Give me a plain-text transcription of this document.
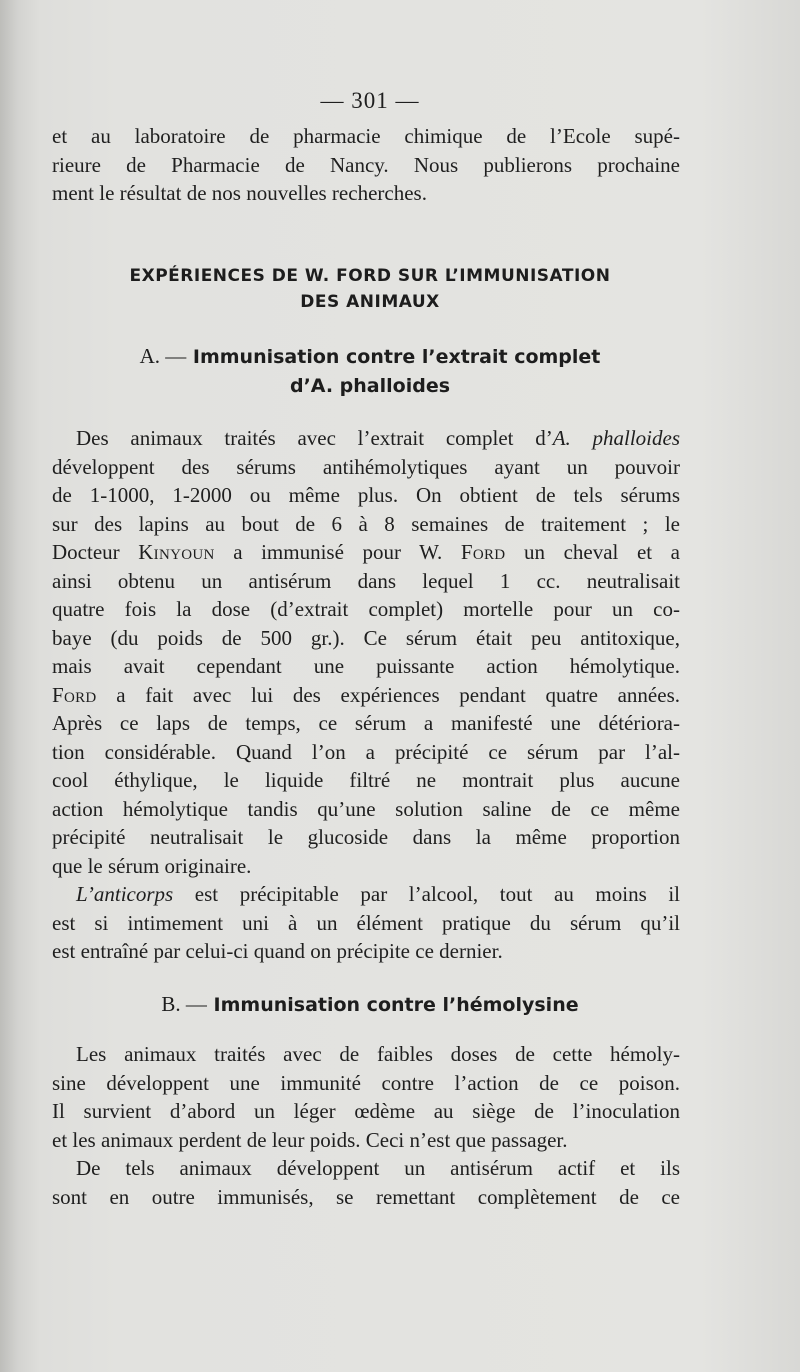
— 301 —
et au laboratoire de pharmacie chimique de l’Ecole supé-
rieure de Pharmacie de Nancy. Nous publierons prochaine
ment le résultat de nos nouvelles recherches.
EXPÉRIENCES DE W. FORD SUR L’IMMUNISATION
DES ANIMAUX
A. — Immunisation contre l’extrait complet
d’A. phalloides
Des animaux traités avec l’extrait complet d’A. phalloides
développent des sérums antihémolytiques ayant un pouvoir
de 1-1000, 1-2000 ou même plus. On obtient de tels sérums
sur des lapins au bout de 6 à 8 semaines de traitement ; le
Docteur Kinyoun a immunisé pour W. Ford un cheval et a
ainsi obtenu un antisérum dans lequel 1 cc. neutralisait
quatre fois la dose (d’extrait complet) mortelle pour un co-
baye (du poids de 500 gr.). Ce sérum était peu antitoxique,
mais avait cependant une puissante action hémolytique.
Ford a fait avec lui des expériences pendant quatre années.
Après ce laps de temps, ce sérum a manifesté une détériora-
tion considérable. Quand l’on a précipité ce sérum par l’al-
cool éthylique, le liquide filtré ne montrait plus aucune
action hémolytique tandis qu’une solution saline de ce même
précipité neutralisait le glucoside dans la même proportion
que le sérum originaire.
L’anticorps est précipitable par l’alcool, tout au moins il
est si intimement uni à un élément pratique du sérum qu’il
est entraîné par celui-ci quand on précipite ce dernier.
B. — Immunisation contre l’hémolysine
Les animaux traités avec de faibles doses de cette hémoly-
sine développent une immunité contre l’action de ce poison.
Il survient d’abord un léger œdème au siège de l’inoculation
et les animaux perdent de leur poids. Ceci n’est que passager.
De tels animaux développent un antisérum actif et ils
sont en outre immunisés, se remettant complètement de ce
